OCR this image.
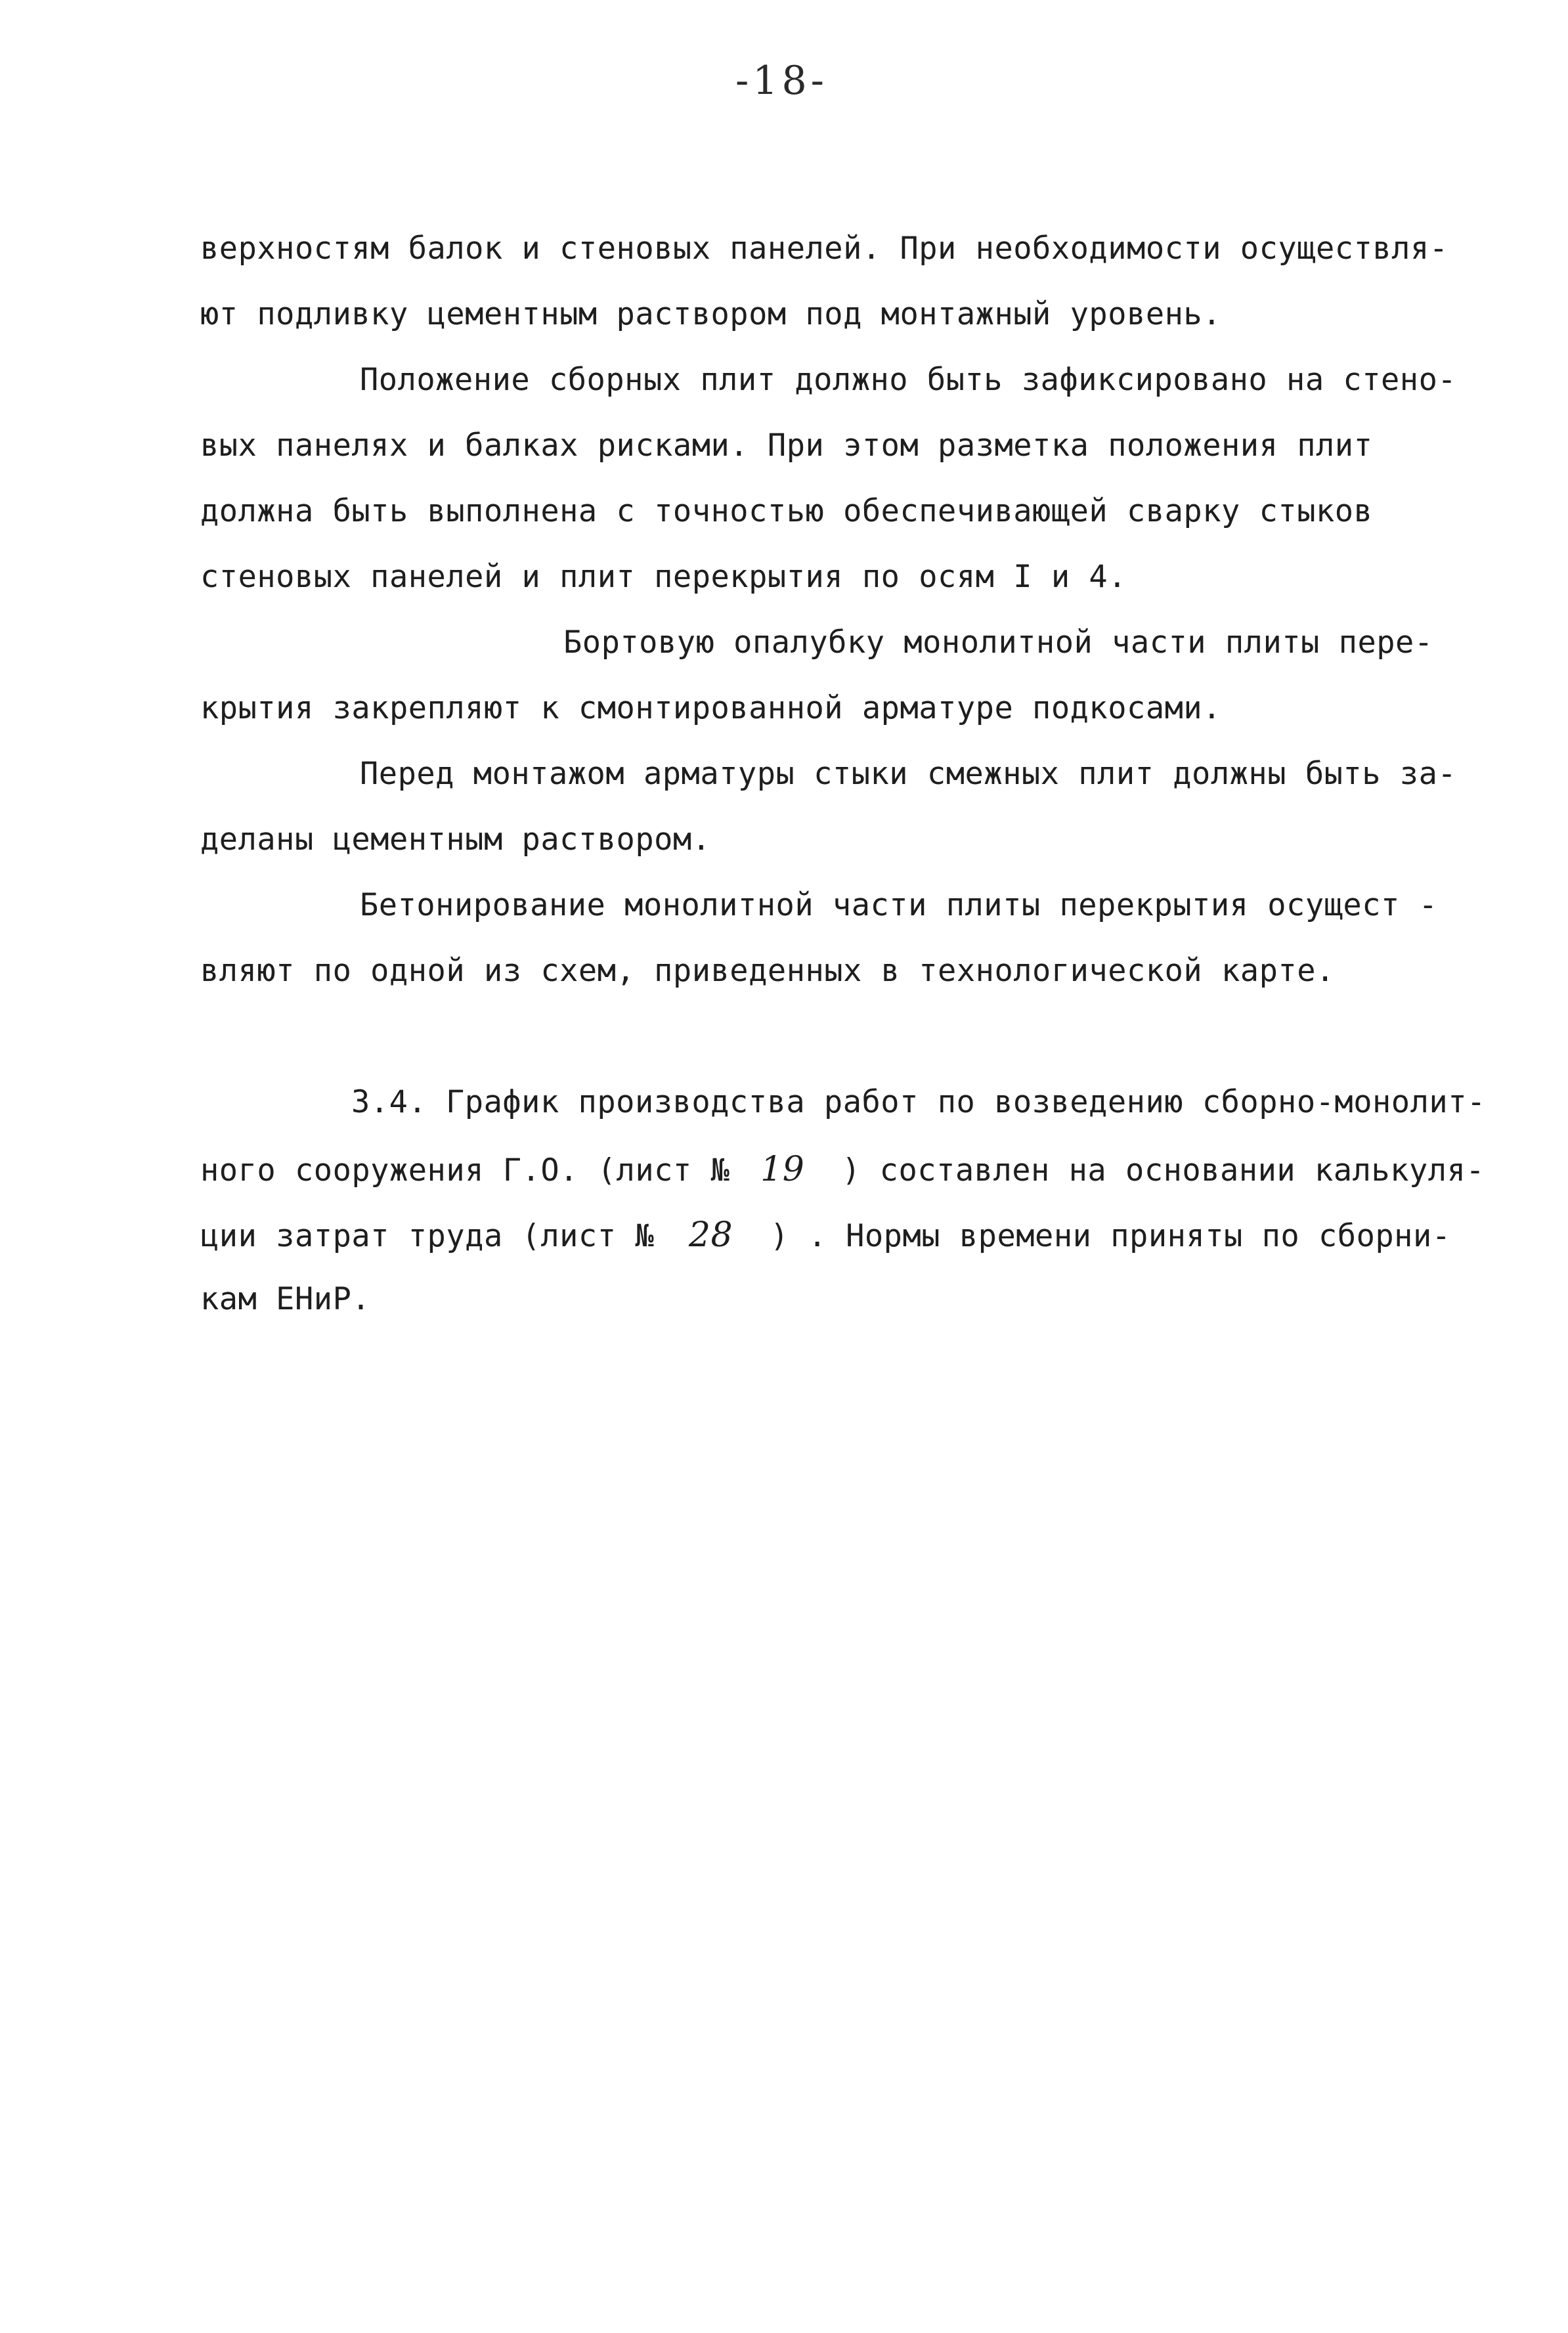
-18-
верхностям балок и стеновых панелей. При необходимости осуществля-
ют подливку цементным раствором под монтажный уровень.
Положение сборных плит должно быть зафиксировано на стено-
вых панелях и балках рисками. При этом разметка положения плит
должна быть выполнена с точностью обеспечивающей сварку стыков
стеновых панелей и плит перекрытия по осям I и 4.
Бортовую опалубку монолитной части плиты пере-
крытия закрепляют к смонтированной арматуре подкосами.
Перед монтажом арматуры стыки смежных плит должны быть за-
деланы цементным раствором.
Бетонирование монолитной части плиты перекрытия осущест -
вляют по одной из схем, приведенных в технологической карте.
3.4. График производства работ по возведению сборно-монолит-
ного сооружения Г.О. (лист № 19 ) составлен на основании калькуля-
ции затрат труда (лист № 28 ) . Нормы времени приняты по сборни-
кам ЕНиР.
